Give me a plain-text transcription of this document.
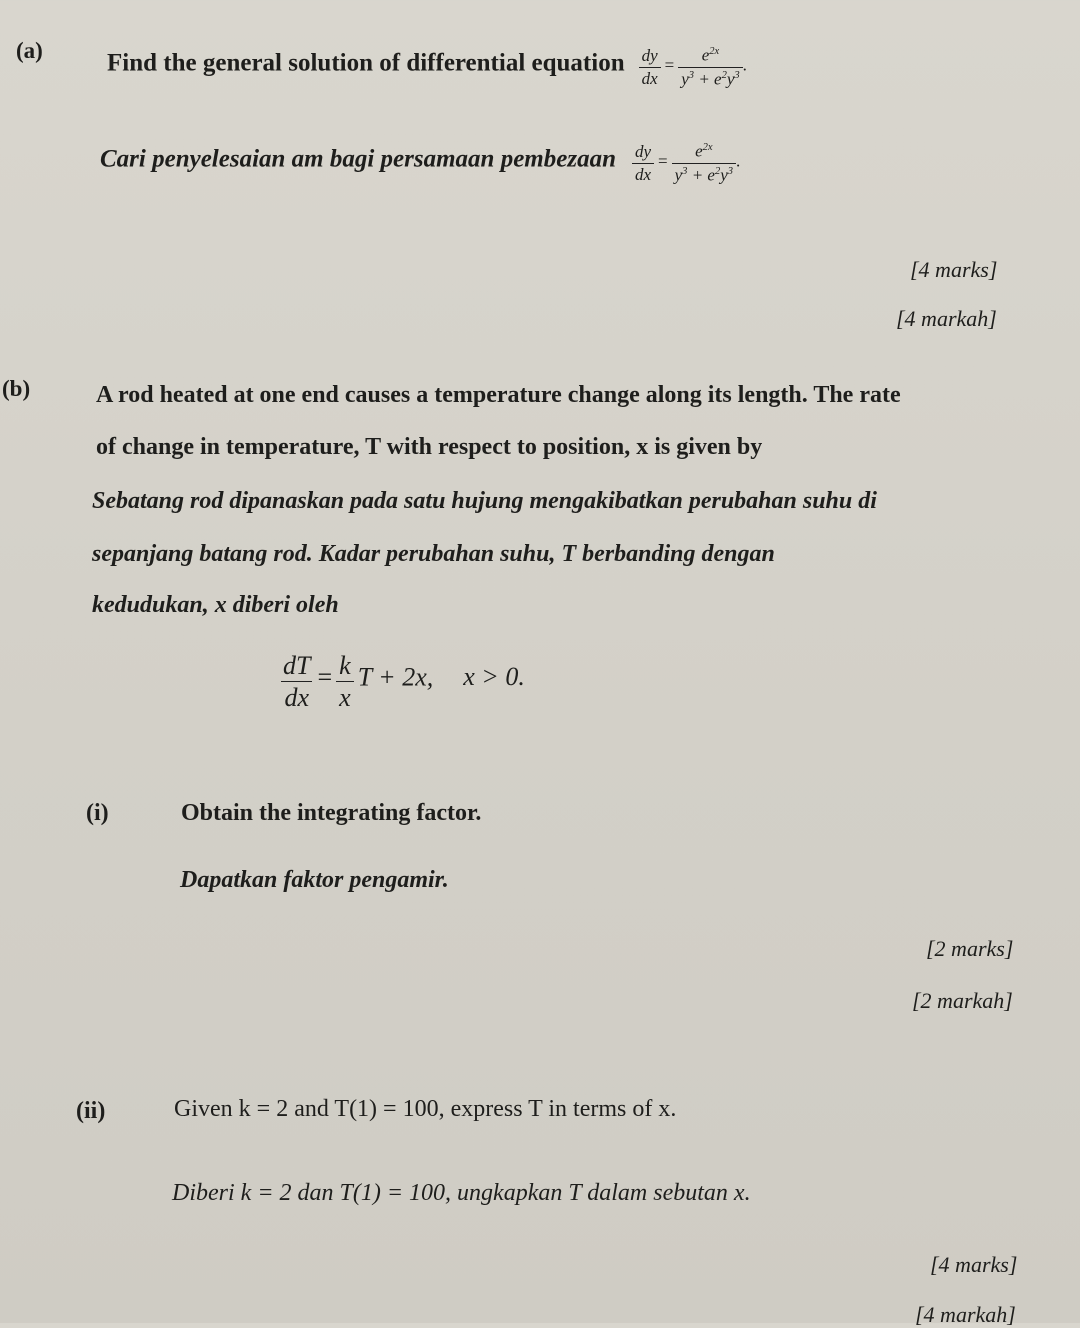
(a)	Find the general solution of differential equation $\frac{dy}{dx} = \frac{e^{2x}}{y^3 + e^2y^3}$ .
Cari penyelesaian am bagi persamaan pembezaan $\frac{dy}{dx} = \frac{e^{2x}}{y^3 + e^2y^3}$ .
[4 marks]
[4 markah]
(b)	A rod heated at one end causes a temperature change along its length. The rate
of change in temperature, T with respect to position, x is given by
Sebatang rod dipanaskan pada satu hujung mengakibatkan perubahan suhu di
sepanjang batang rod. Kadar perubahan suhu, T berbanding dengan
kedudukan, x diberi oleh
$\frac{dT}{dx} = \frac{k}{x}$ T + 2x, x > 0.
(i)	Obtain the integrating factor.
Dapatkan faktor pengamir.
[2 marks]
[2 markah]
(ii)	Given k = 2 and T(1) = 100, express T in terms of x.
Diberi k = 2 dan T(1) = 100, ungkapkan T dalam sebutan x.
[4 marks]
[4 markah]
